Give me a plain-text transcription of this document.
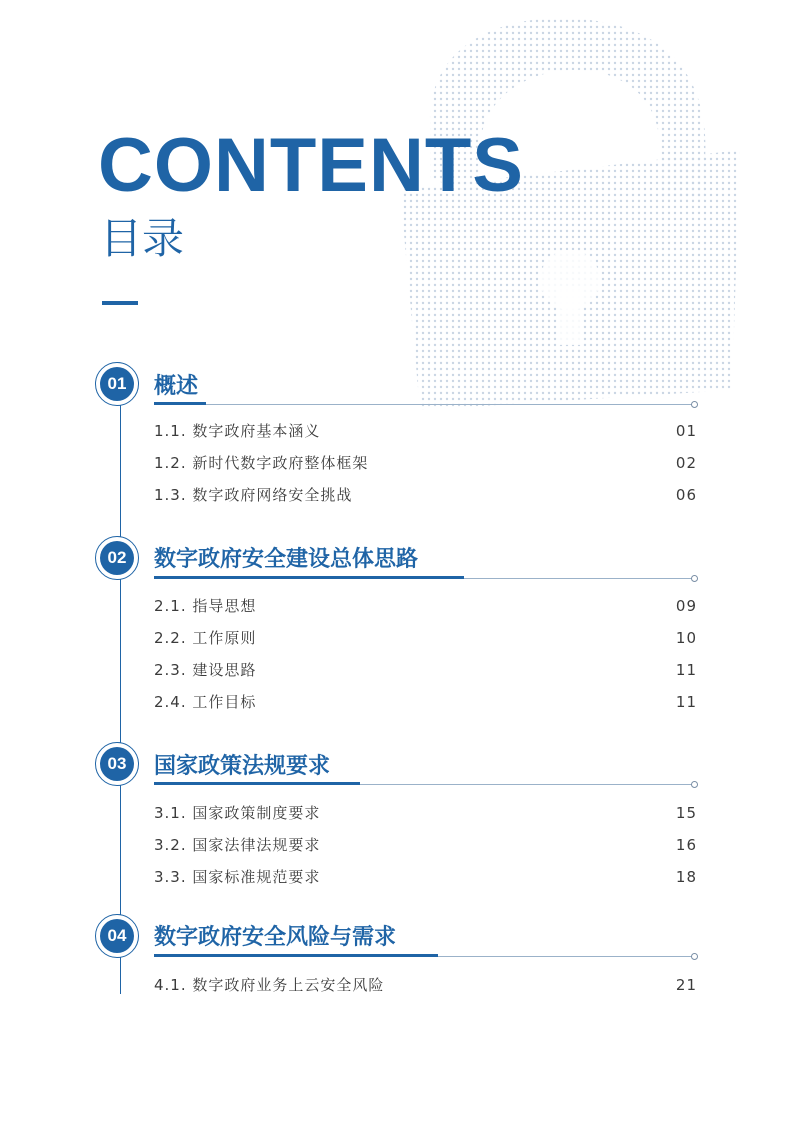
CONTENTS
目录
01	概述
1.1. 数字政府基本涵义	01
1.2. 新时代数字政府整体框架	02
1.3. 数字政府网络安全挑战	06
02	数字政府安全建设总体思路
2.1. 指导思想	09
2.2. 工作原则	10
2.3. 建设思路	11
2.4. 工作目标	11
03	国家政策法规要求
3.1. 国家政策制度要求	15
3.2. 国家法律法规要求	16
3.3. 国家标准规范要求	18
04	数字政府安全风险与需求
4.1. 数字政府业务上云安全风险	21
